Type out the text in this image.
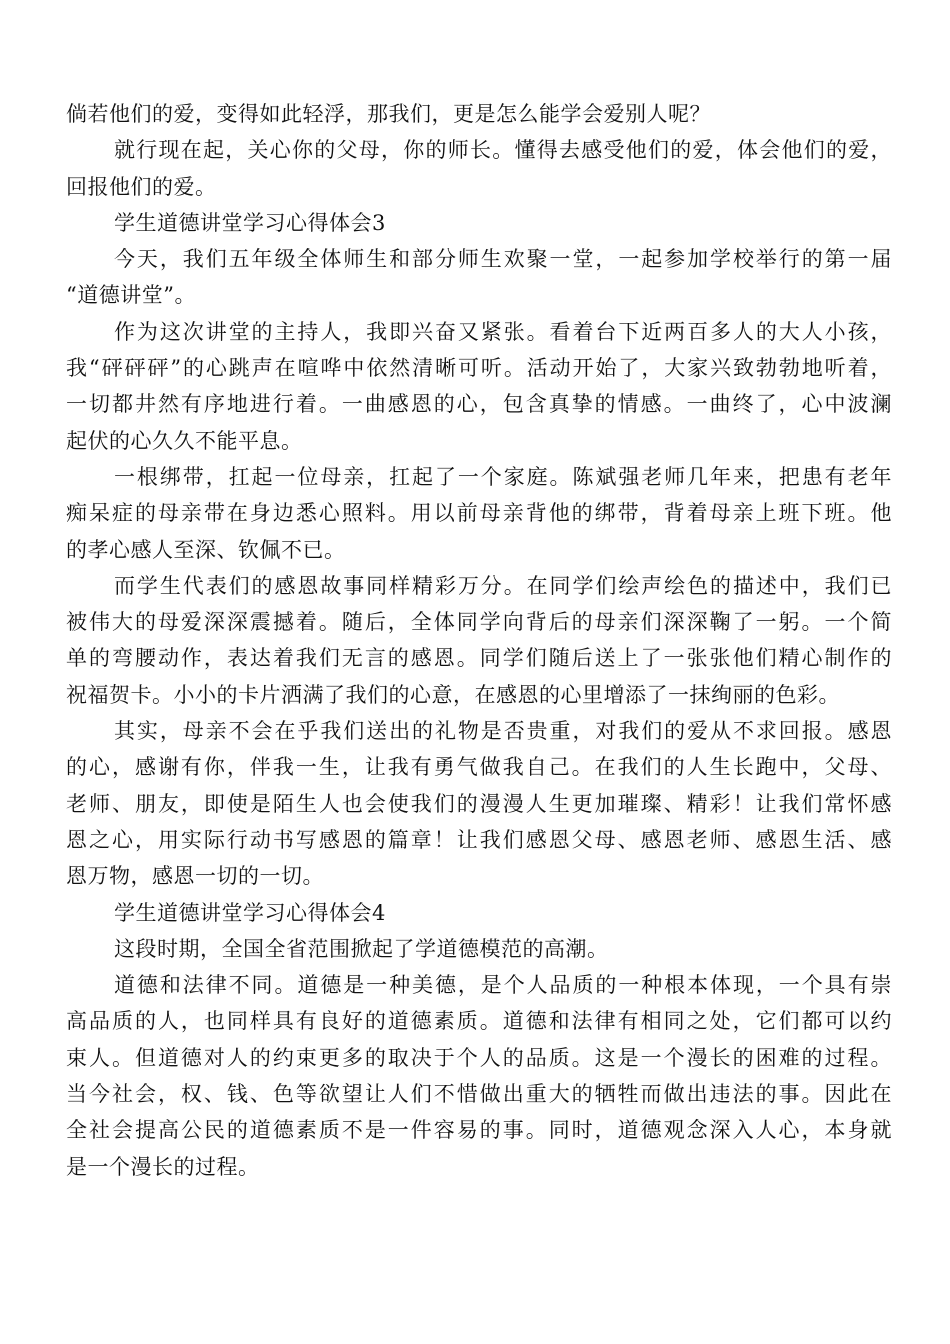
倘若他们的爱，变得如此轻浮，那我们，更是怎么能学会爱别人呢？

就行现在起，关心你的父母，你的师长。懂得去感受他们的爱，体会他们的爱，
回报他们的爱。

学生道德讲堂学习心得体会3

今天，我们五年级全体师生和部分师生欢聚一堂，一起参加学校举行的第一届
“道德讲堂”。

作为这次讲堂的主持人，我即兴奋又紧张。看着台下近两百多人的大人小孩，
我“砰砰砰”的心跳声在喧哗中依然清晰可听。活动开始了，大家兴致勃勃地听着，
一切都井然有序地进行着。一曲感恩的心，包含真挚的情感。一曲终了，心中波澜
起伏的心久久不能平息。

一根绑带，扛起一位母亲，扛起了一个家庭。陈斌强老师几年来，把患有老年
痴呆症的母亲带在身边悉心照料。用以前母亲背他的绑带，背着母亲上班下班。他
的孝心感人至深、钦佩不已。

而学生代表们的感恩故事同样精彩万分。在同学们绘声绘色的描述中，我们已
被伟大的母爱深深震撼着。随后，全体同学向背后的母亲们深深鞠了一躬。一个简
单的弯腰动作，表达着我们无言的感恩。同学们随后送上了一张张他们精心制作的
祝福贺卡。小小的卡片洒满了我们的心意，在感恩的心里增添了一抹绚丽的色彩。

其实，母亲不会在乎我们送出的礼物是否贵重，对我们的爱从不求回报。感恩
的心，感谢有你，伴我一生，让我有勇气做我自己。在我们的人生长跑中，父母、
老师、朋友，即使是陌生人也会使我们的漫漫人生更加璀璨、精彩！让我们常怀感
恩之心，用实际行动书写感恩的篇章！让我们感恩父母、感恩老师、感恩生活、感
恩万物，感恩一切的一切。

学生道德讲堂学习心得体会4

这段时期，全国全省范围掀起了学道德模范的高潮。

道德和法律不同。道德是一种美德，是个人品质的一种根本体现，一个具有崇
高品质的人，也同样具有良好的道德素质。道德和法律有相同之处，它们都可以约
束人。但道德对人的约束更多的取决于个人的品质。这是一个漫长的困难的过程。
当今社会，权、钱、色等欲望让人们不惜做出重大的牺牲而做出违法的事。因此在
全社会提高公民的道德素质不是一件容易的事。同时，道德观念深入人心，本身就
是一个漫长的过程。
